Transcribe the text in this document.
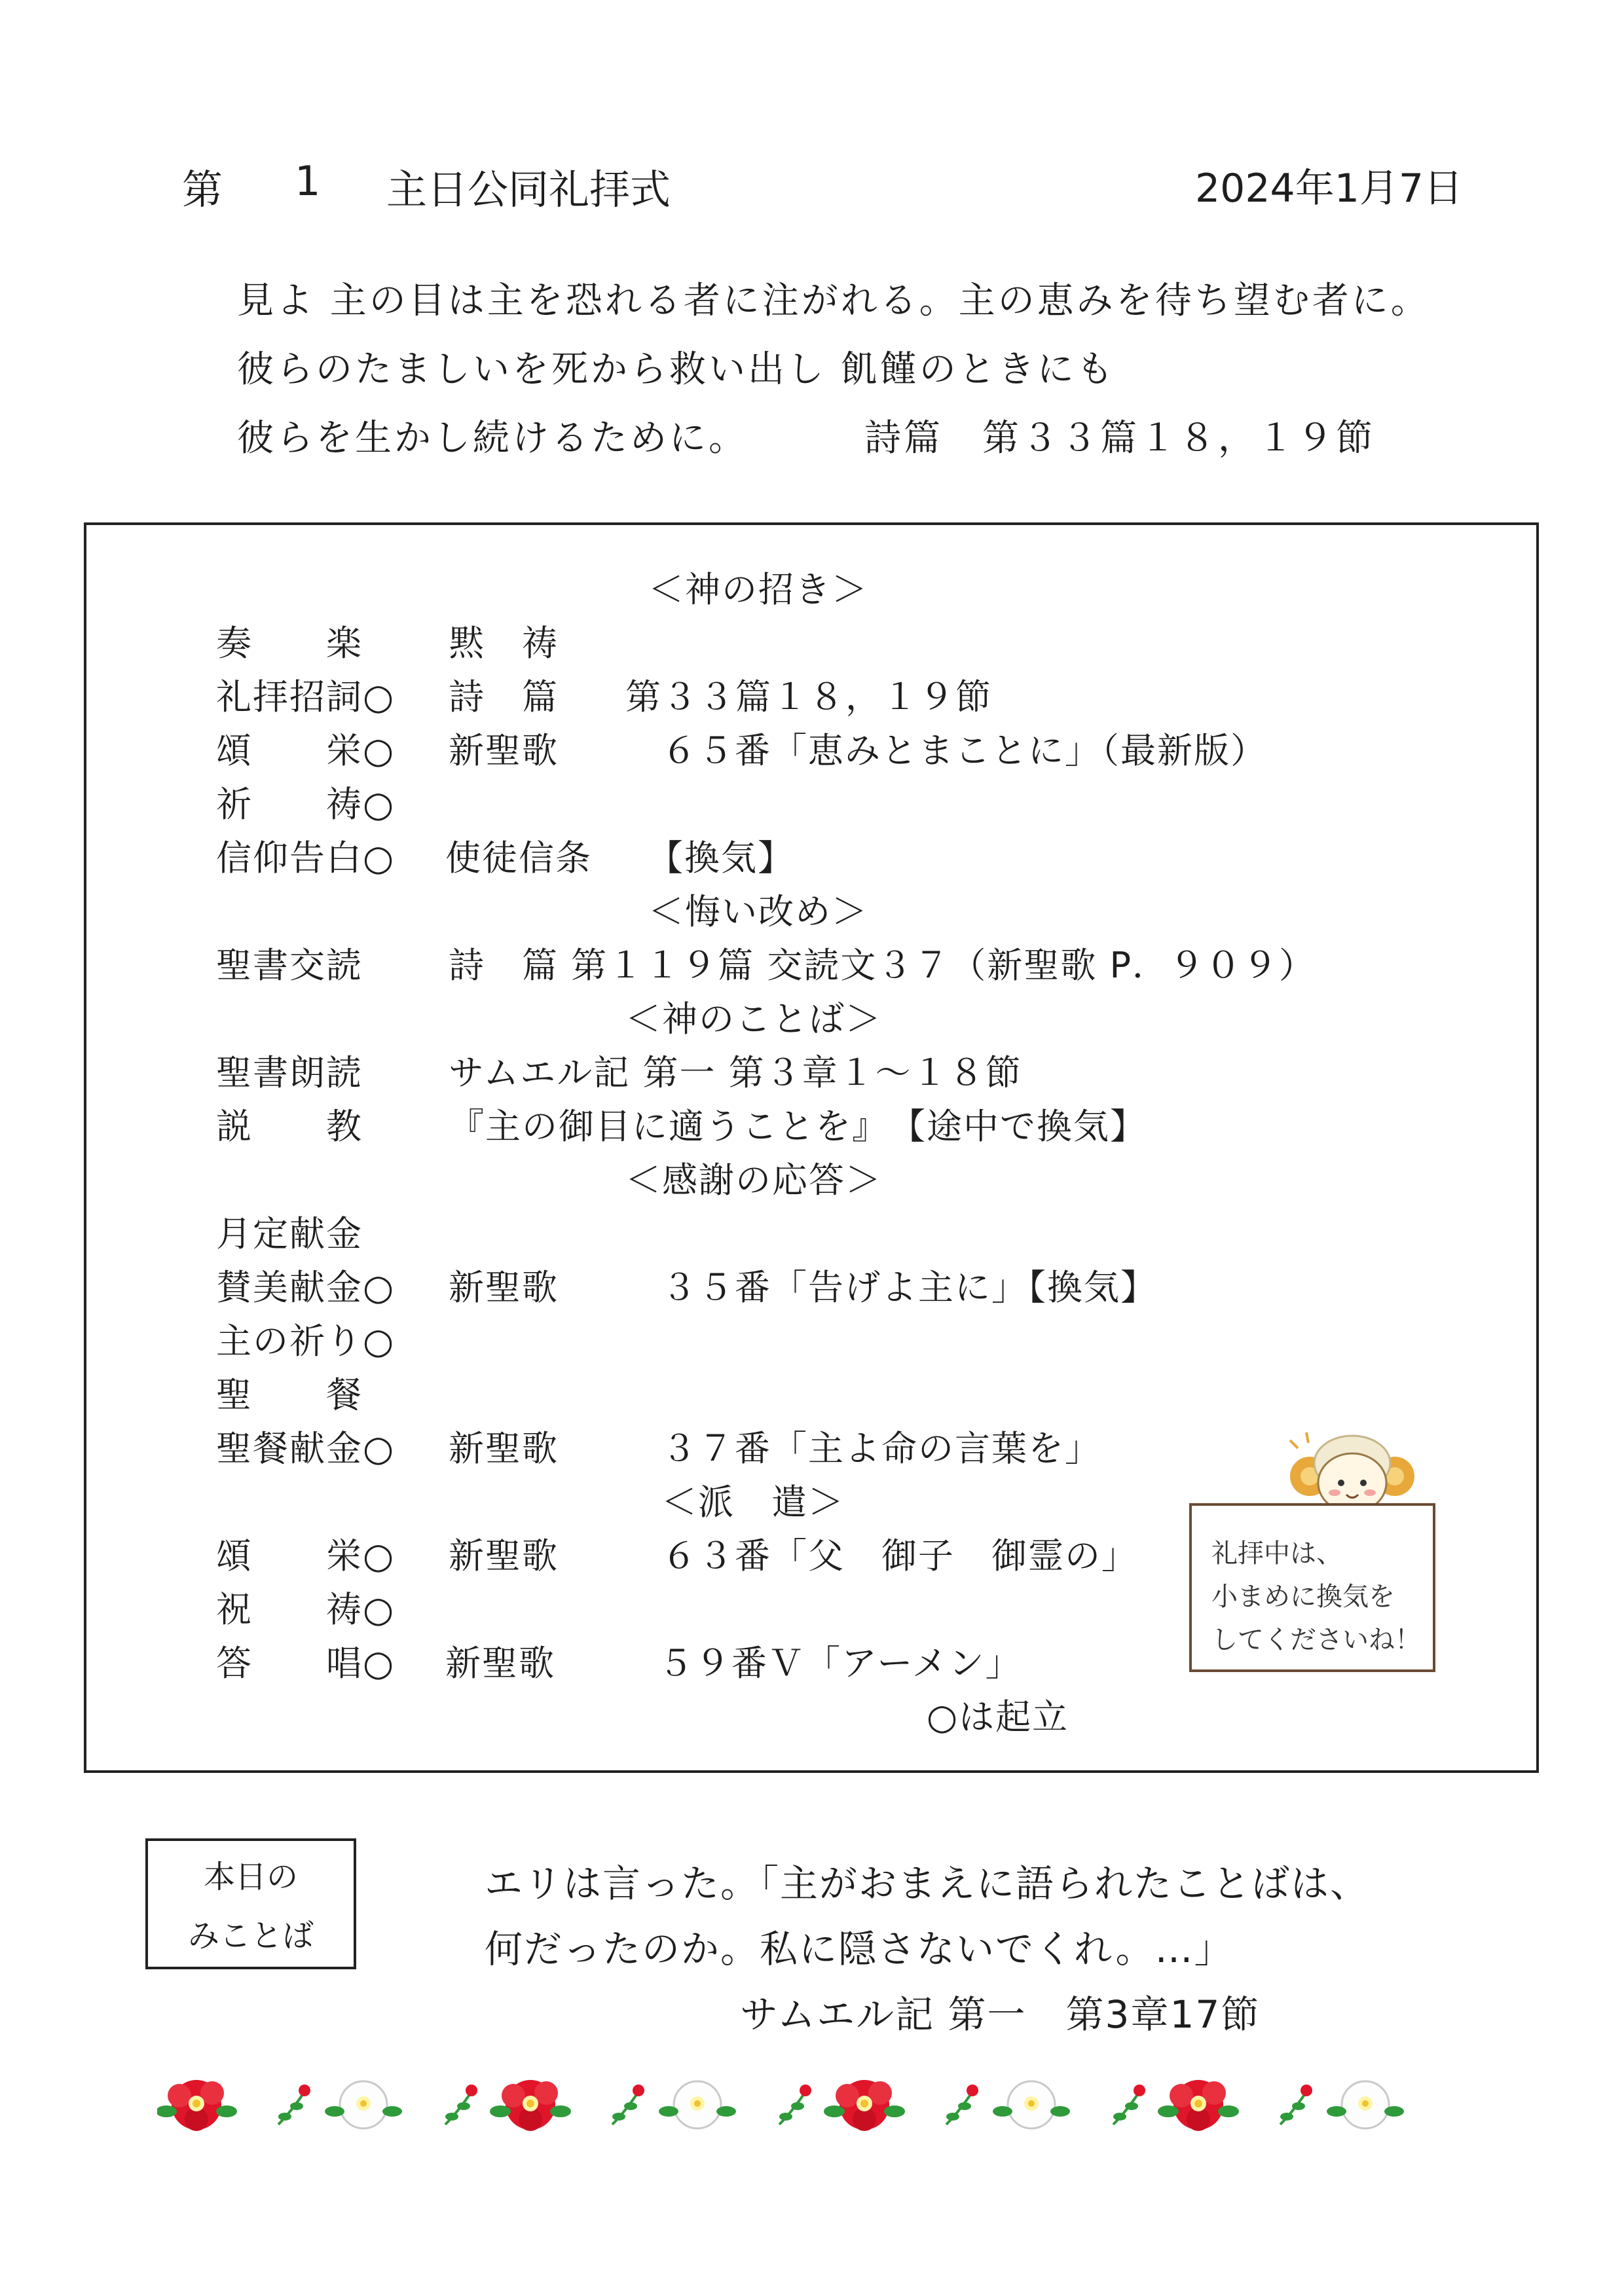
第 1 主日公同礼拝式	2024年1月7日
見よ 主の目は主を恐れる者に注がれる。主の恵みを待ち望む者に。
彼らのたましいを死から救い出し 飢饉のときにも
彼らを生かし続けるために。	詩篇　第３３篇１８，１９節
＜神の招き＞
奏　　楽 黙　祷
礼拝招詞○ 詩　篇 第３３篇１８，１９節
頌　　栄○ 新聖歌	６５番「恵みとまことに」（最新版）
祈　　祷○
信仰告白○ 使徒信条　　【換気】
＜悔い改め＞
聖書交読 詩　篇 第１１９篇 交読文３７（新聖歌 P．９０９）
＜神のことば＞
聖書朗読 サムエル記 第一 第３章１～１８節
説　　教 『主の御目に適うことを』　【途中で換気】
＜感謝の応答＞
月定献金
賛美献金○ 新聖歌	３５番「告げよ主に」【換気】
主の祈り○
聖　　餐
聖餐献金○ 新聖歌	３７番「主よ命の言葉を」
＜派　遣＞
頌　　栄○ 新聖歌	６３番「父　御子　御霊の」
祝　　祷○
答　　唱○ 新聖歌	５９番Ｖ「アーメン」
○は起立
礼拝中は、
小まめに換気を
してくださいね！
本日の
みことば
エリは言った。「主がおまえに語られたことばは、
何だったのか。私に隠さないでくれ。…」
サムエル記 第一　第3章17節
